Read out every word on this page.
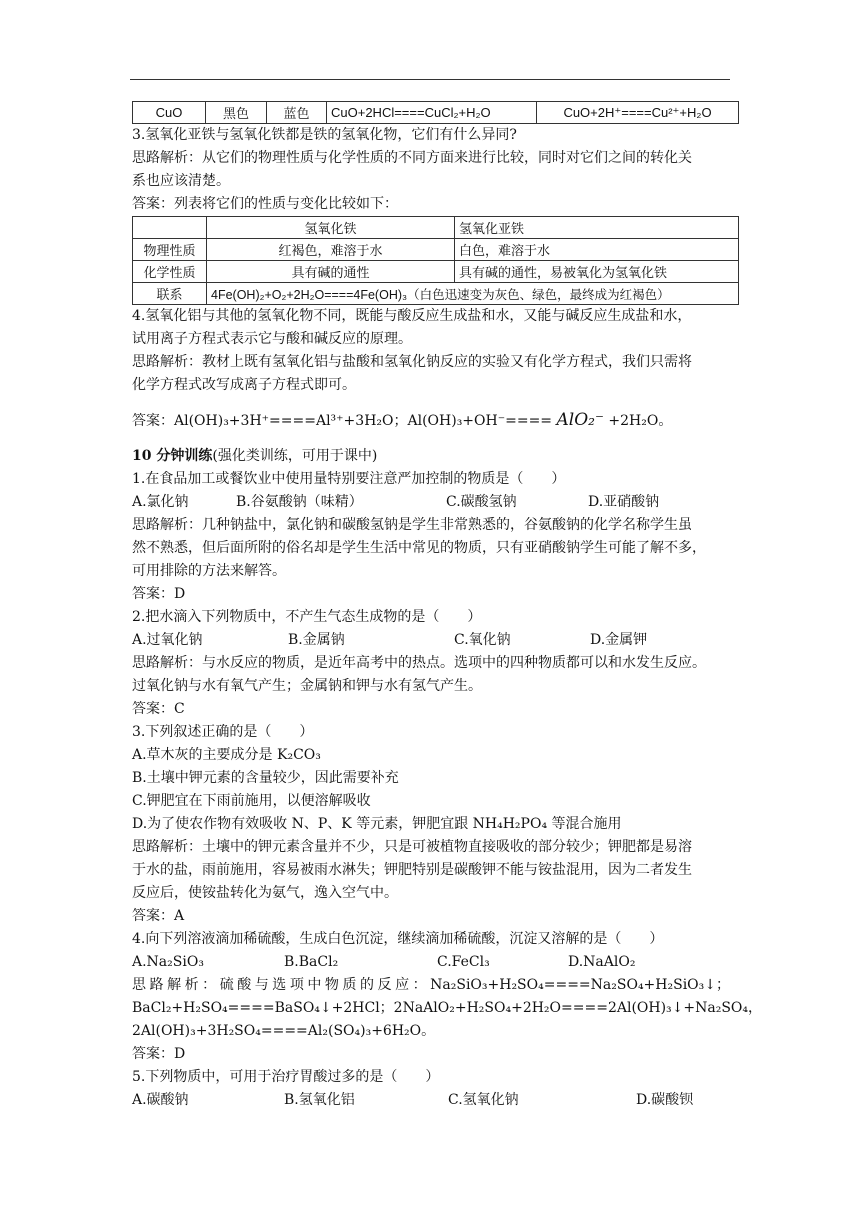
CuO	黑色	蓝色	CuO+2HCl====CuCl₂+H₂O	CuO+2H⁺====Cu²⁺+H₂O
3.氢氧化亚铁与氢氧化铁都是铁的氢氧化物，它们有什么异同?
思路解析：从它们的物理性质与化学性质的不同方面来进行比较，同时对它们之间的转化关
系也应该清楚。
答案：列表将它们的性质与变化比较如下：
	氢氧化铁	氢氧化亚铁
物理性质	红褐色，难溶于水	白色，难溶于水
化学性质	具有碱的通性	具有碱的通性，易被氧化为氢氧化铁
联系	4Fe(OH)₂+O₂+2H₂O====4Fe(OH)₃（白色迅速变为灰色、绿色，最终成为红褐色）	
4.氢氧化铝与其他的氢氧化物不同，既能与酸反应生成盐和水，又能与碱反应生成盐和水，
试用离子方程式表示它与酸和碱反应的原理。
思路解析：教材上既有氢氧化铝与盐酸和氢氧化钠反应的实验又有化学方程式，我们只需将
化学方程式改写成离子方程式即可。
答案：Al(OH)₃+3H⁺====Al³⁺+3H₂O；Al(OH)₃+OH⁻==== AlO₂⁻ +2H₂O。
10 分钟训练(强化类训练，可用于课中)
1.在食品加工或餐饮业中使用量特别要注意严加控制的物质是（　　）
A.氯化钠	B.谷氨酸钠（味精）	C.碳酸氢钠	D.亚硝酸钠
思路解析：几种钠盐中，氯化钠和碳酸氢钠是学生非常熟悉的，谷氨酸钠的化学名称学生虽
然不熟悉，但后面所附的俗名却是学生生活中常见的物质，只有亚硝酸钠学生可能了解不多，
可用排除的方法来解答。
答案：D
2.把水滴入下列物质中，不产生气态生成物的是（　　）
A.过氧化钠	B.金属钠	C.氧化钠	D.金属钾
思路解析：与水反应的物质，是近年高考中的热点。选项中的四种物质都可以和水发生反应。
过氧化钠与水有氧气产生；金属钠和钾与水有氢气产生。
答案：C
3.下列叙述正确的是（　　）
A.草木灰的主要成分是 K₂CO₃
B.土壤中钾元素的含量较少，因此需要补充
C.钾肥宜在下雨前施用，以便溶解吸收
D.为了使农作物有效吸收 N、P、K 等元素，钾肥宜跟 NH₄H₂PO₄ 等混合施用
思路解析：土壤中的钾元素含量并不少，只是可被植物直接吸收的部分较少；钾肥都是易溶
于水的盐，雨前施用，容易被雨水淋失；钾肥特别是碳酸钾不能与铵盐混用，因为二者发生
反应后，使铵盐转化为氨气，逸入空气中。
答案：A
4.向下列溶液滴加稀硫酸，生成白色沉淀，继续滴加稀硫酸，沉淀又溶解的是（　　）
A.Na₂SiO₃	B.BaCl₂	C.FeCl₃	D.NaAlO₂
思路解析：硫酸与选项中物质的反应：Na₂SiO₃+H₂SO₄====Na₂SO₄+H₂SiO₃↓；
BaCl₂+H₂SO₄====BaSO₄↓+2HCl；2NaAlO₂+H₂SO₄+2H₂O====2Al(OH)₃↓+Na₂SO₄，
2Al(OH)₃+3H₂SO₄====Al₂(SO₄)₃+6H₂O。
答案：D
5.下列物质中，可用于治疗胃酸过多的是（　　）
A.碳酸钠	B.氢氧化铝	C.氢氧化钠	D.碳酸钡
